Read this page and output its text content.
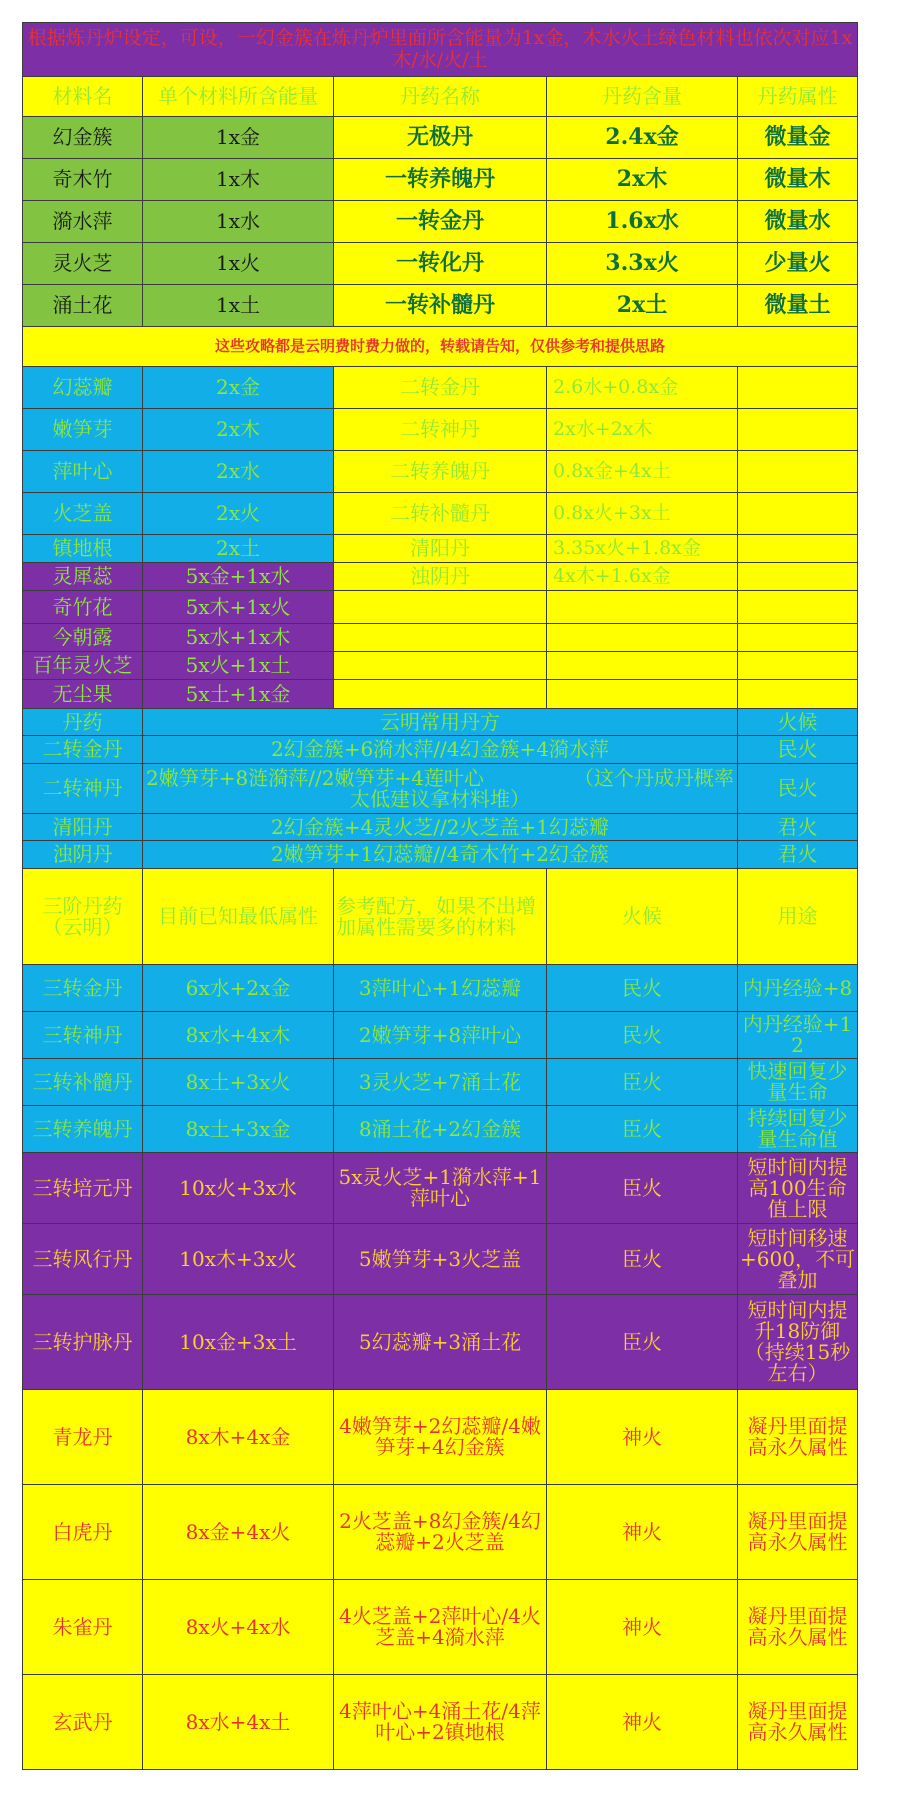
根据炼丹炉设定，可设，一幻金簇在炼丹炉里面所含能量为1x金，木水火土绿色材料也依次对应1x木/水/火/土				
材料名	单个材料所含能量	丹药名称	丹药含量	丹药属性
幻金簇	1x金	无极丹	2.4x金	微量金
奇木竹	1x木	一转养魄丹	2x木	微量木
漪水萍	1x水	一转金丹	1.6x水	微量水
灵火芝	1x火	一转化丹	3.3x火	少量火
涌土花	1x土	一转补髓丹	2x土	微量土
这些攻略都是云明费时费力做的，转载请告知，仅供参考和提供思路				
幻蕊瓣	2x金	二转金丹	2.6水+0.8x金	
嫩笋芽	2x木	二转神丹	2x水+2x木	
萍叶心	2x水	二转养魄丹	0.8x金+4x土	
火芝盖	2x火	二转补髓丹	0.8x火+3x土	
镇地根	2x土	清阳丹	3.35x火+1.8x金	
灵犀蕊	5x金+1x水	浊阴丹	4x木+1.6x金	
奇竹花	5x木+1x火			
今朝露	5x水+1x木			
百年灵火芝	5x火+1x土			
无尘果	5x土+1x金			
丹药	云明常用丹方			火候
二转金丹	2幻金簇+6漪水萍//4幻金簇+4漪水萍			民火
二转神丹	2嫩笋芽+8涟漪萍//2嫩笋芽+4莲叶心　　　　　（这个丹成丹概率太低建议拿材料堆）			民火
清阳丹	2幻金簇+4灵火芝//2火芝盖+1幻蕊瓣			君火
浊阴丹	2嫩笋芽+1幻蕊瓣//4奇木竹+2幻金簇			君火
三阶丹药（云明）	目前已知最低属性	参考配方，如果不出增加属性需要多的材料	火候	用途
三转金丹	6x水+2x金	3萍叶心+1幻蕊瓣	民火	内丹经验+8
三转神丹	8x水+4x木	2嫩笋芽+8萍叶心	民火	内丹经验+12
三转补髓丹	8x土+3x火	3灵火芝+7涌土花	臣火	快速回复少量生命
三转养魄丹	8x土+3x金	8涌土花+2幻金簇	臣火	持续回复少量生命值
三转培元丹	10x火+3x水	5x灵火芝+1漪水萍+1萍叶心	臣火	短时间内提高100生命值上限
三转风行丹	10x木+3x火	5嫩笋芽+3火芝盖	臣火	短时间移速+600，不可叠加
三转护脉丹	10x金+3x土	5幻蕊瓣+3涌土花	臣火	短时间内提升18防御（持续15秒左右）
青龙丹	8x木+4x金	4嫩笋芽+2幻蕊瓣/4嫩笋芽+4幻金簇	神火	凝丹里面提高永久属性
白虎丹	8x金+4x火	2火芝盖+8幻金簇/4幻蕊瓣+2火芝盖	神火	凝丹里面提高永久属性
朱雀丹	8x火+4x水	4火芝盖+2萍叶心/4火芝盖+4漪水萍	神火	凝丹里面提高永久属性
玄武丹	8x水+4x土	4萍叶心+4涌土花/4萍叶心+2镇地根	神火	凝丹里面提高永久属性
